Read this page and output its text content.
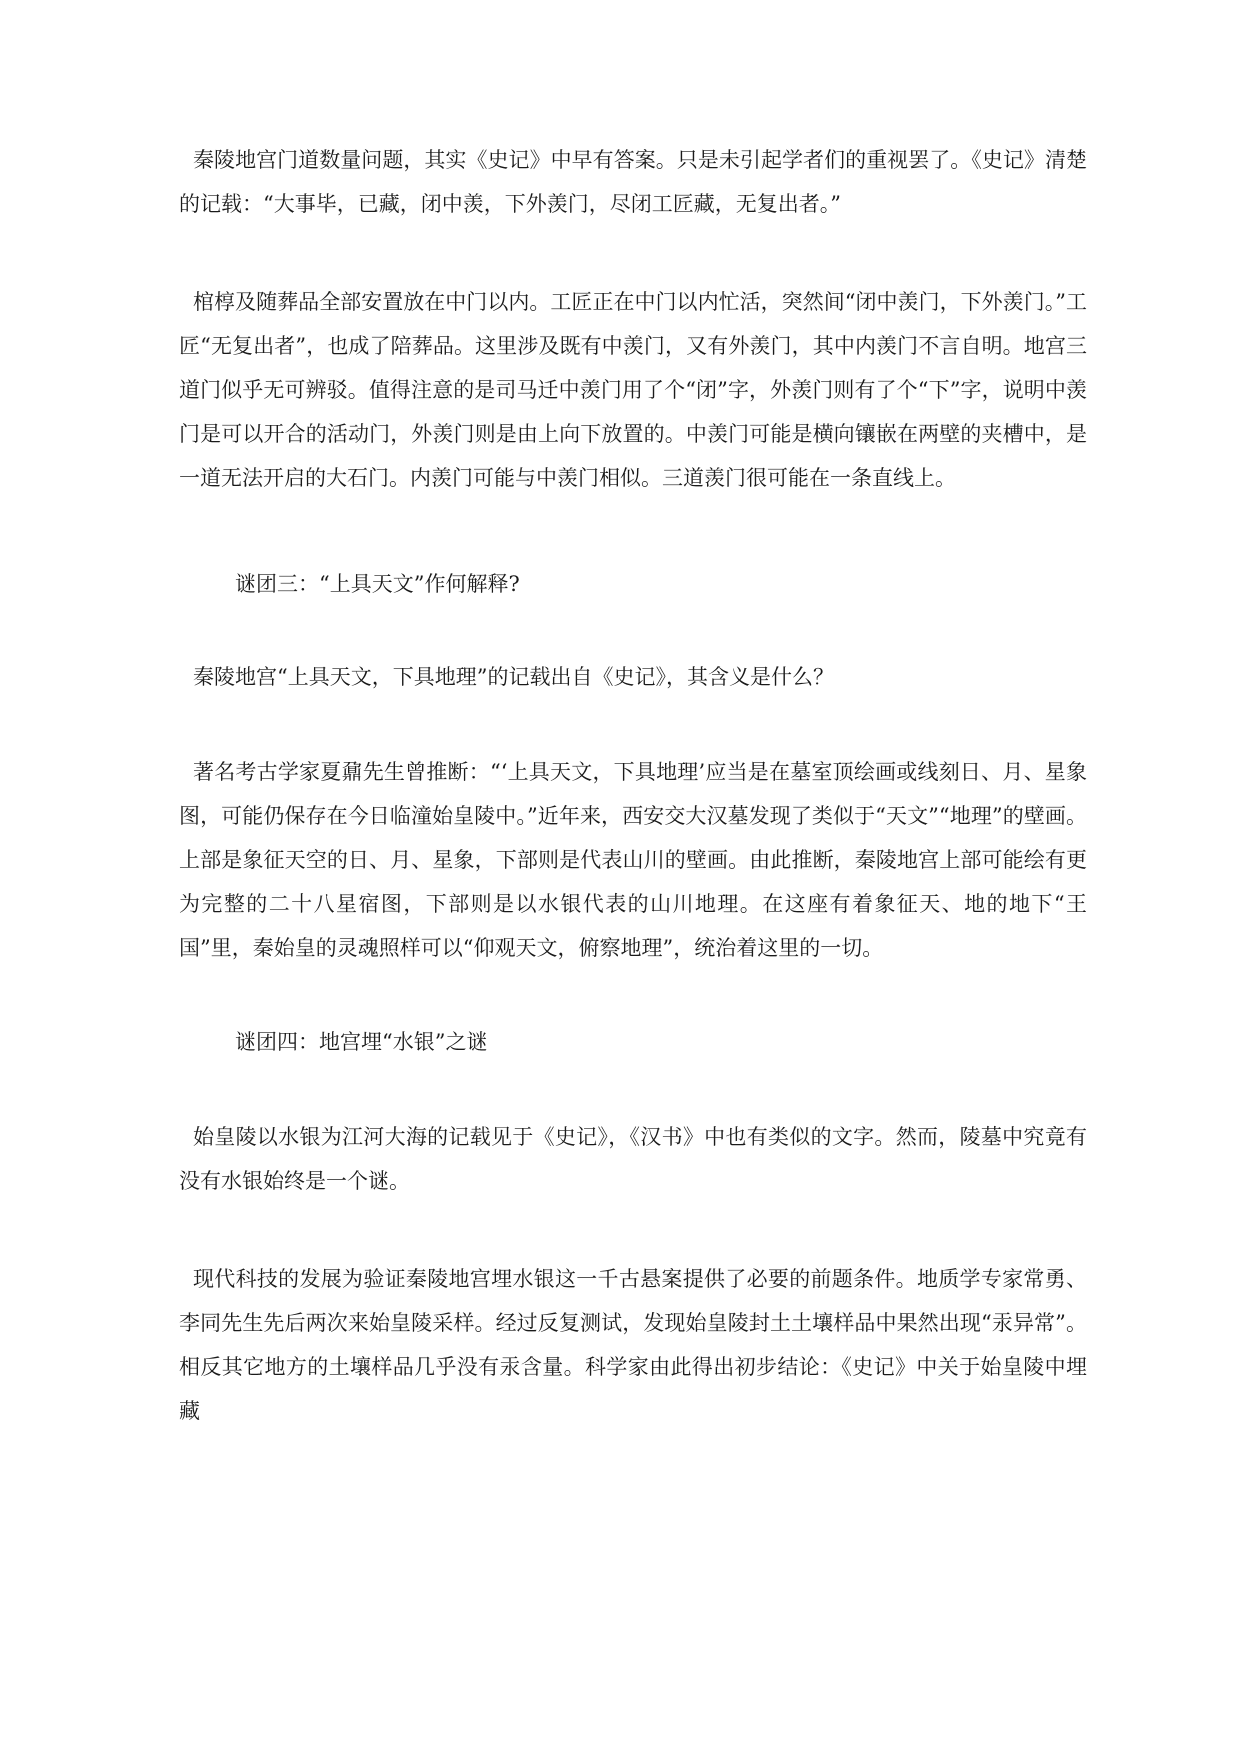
秦陵地宫门道数量问题，其实《史记》中早有答案。只是未引起学者们的重视罢了。《史记》清楚的记载：“大事毕，已藏，闭中羡，下外羡门，尽闭工匠藏，无复出者。”

棺椁及随葬品全部安置放在中门以内。工匠正在中门以内忙活，突然间“闭中羡门，下外羡门。”工匠“无复出者”，也成了陪葬品。这里涉及既有中羡门，又有外羡门，其中内羡门不言自明。地宫三道门似乎无可辨驳。值得注意的是司马迁中羡门用了个“闭”字，外羡门则有了个“下”字，说明中羡门是可以开合的活动门，外羡门则是由上向下放置的。中羡门可能是横向镶嵌在两壁的夹槽中，是一道无法开启的大石门。内羡门可能与中羡门相似。三道羡门很可能在一条直线上。

谜团三：“上具天文”作何解释?

秦陵地宫“上具天文，下具地理”的记载出自《史记》，其含义是什么？

著名考古学家夏鼐先生曾推断：“‘上具天文，下具地理’应当是在墓室顶绘画或线刻日、月、星象图，可能仍保存在今日临潼始皇陵中。”近年来，西安交大汉墓发现了类似于“天文”“地理”的壁画。上部是象征天空的日、月、星象，下部则是代表山川的壁画。由此推断，秦陵地宫上部可能绘有更为完整的二十八星宿图，下部则是以水银代表的山川地理。在这座有着象征天、地的地下“王国”里，秦始皇的灵魂照样可以“仰观天文，俯察地理”，统治着这里的一切。

谜团四：地宫埋“水银”之谜

始皇陵以水银为江河大海的记载见于《史记》，《汉书》中也有类似的文字。然而，陵墓中究竟有没有水银始终是一个谜。

现代科技的发展为验证秦陵地宫埋水银这一千古悬案提供了必要的前题条件。地质学专家常勇、李同先生先后两次来始皇陵采样。经过反复测试，发现始皇陵封土土壤样品中果然出现“汞异常”。相反其它地方的土壤样品几乎没有汞含量。科学家由此得出初步结论：《史记》中关于始皇陵中埋藏
